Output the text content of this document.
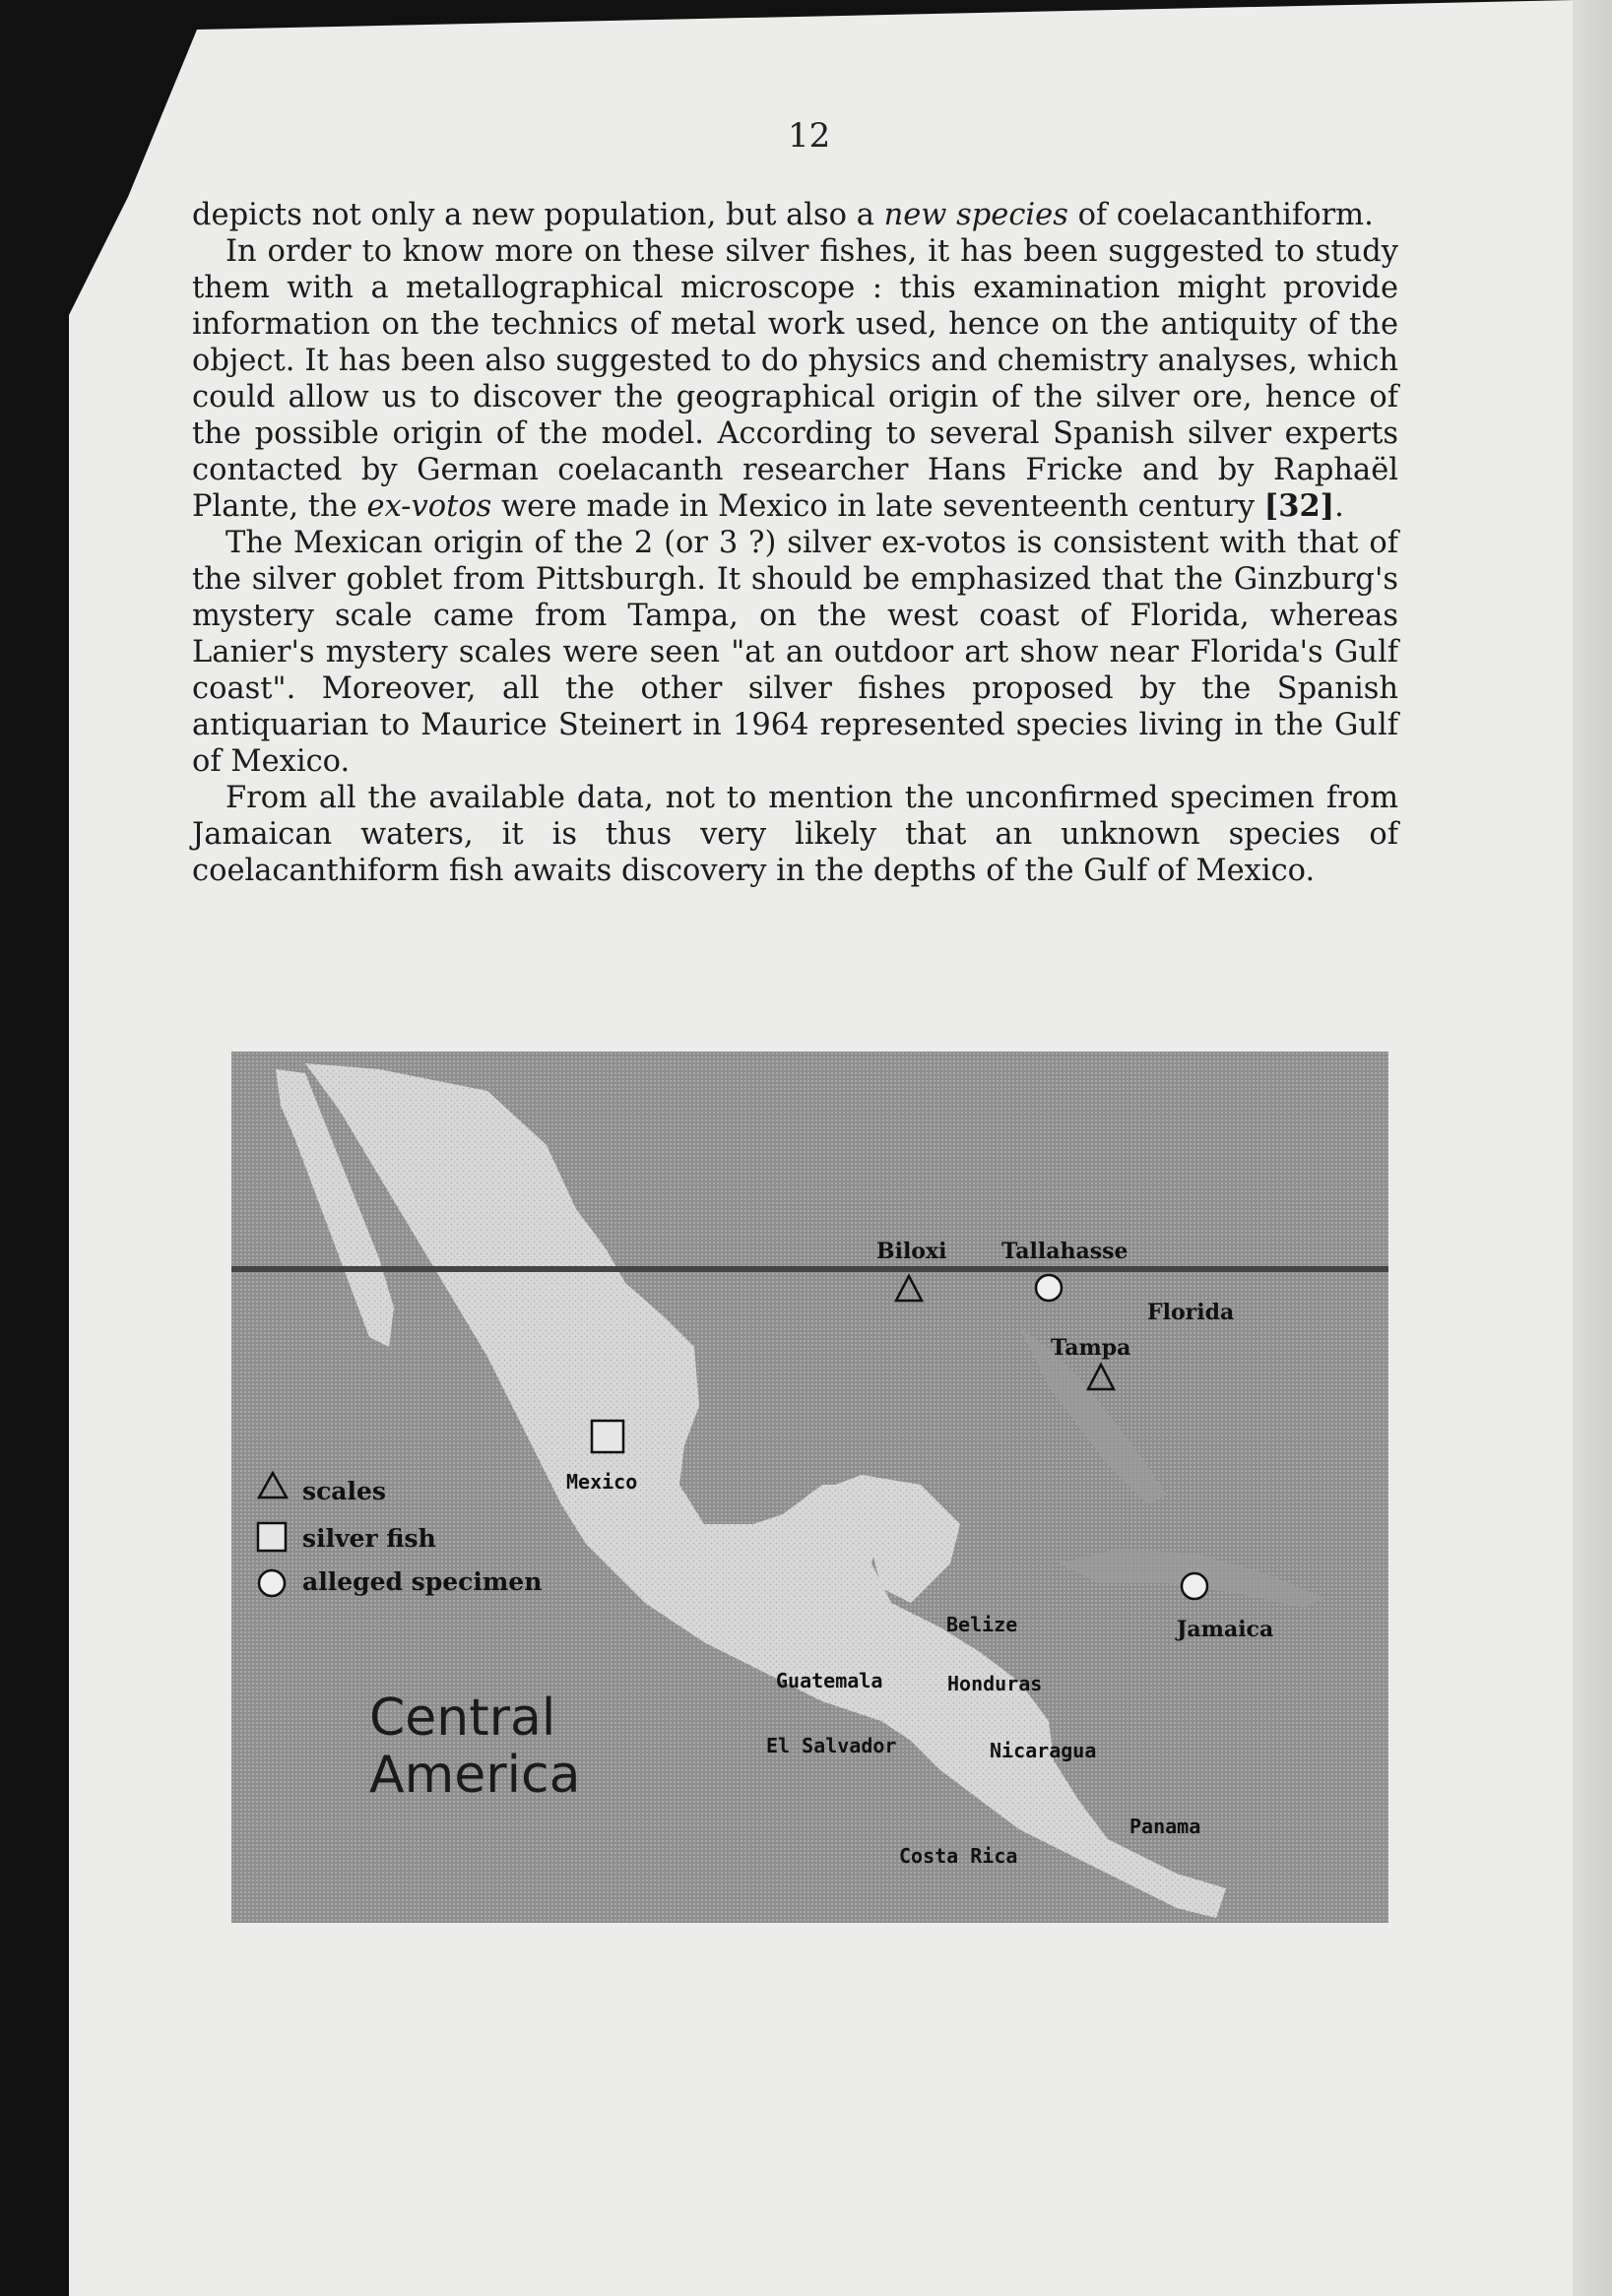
12

depicts not only a new population, but also a new species of coelacanthiform.

In order to know more on these silver fishes, it has been suggested to study them with a metallographical microscope : this examination might provide information on the technics of metal work used, hence on the antiquity of the object. It has been also suggested to do physics and chemistry analyses, which could allow us to discover the geographical origin of the silver ore, hence of the possible origin of the model. According to several Spanish silver experts contacted by German coelacanth researcher Hans Fricke and by Raphaël Plante, the ex-votos were made in Mexico in late seventeenth century [32].

The Mexican origin of the 2 (or 3 ?) silver ex-votos is consistent with that of the silver goblet from Pittsburgh. It should be emphasized that the Ginzburg's mystery scale came from Tampa, on the west coast of Florida, whereas Lanier's mystery scales were seen "at an outdoor art show near Florida's Gulf coast". Moreover, all the other silver fishes proposed by the Spanish antiquarian to Maurice Steinert in 1964 represented species living in the Gulf of Mexico.

From all the available data, not to mention the unconfirmed specimen from Jamaican waters, it is thus very likely that an unknown species of coelacanthiform fish awaits discovery in the depths of the Gulf of Mexico.

Biloxi	Tallahasse
Florida
Tampa
Mexico
Belize	Jamaica
Guatemala	Honduras
El Salvador	Nicaragua
Panama
Costa Rica
scales
silver fish
alleged specimen
Central
America
